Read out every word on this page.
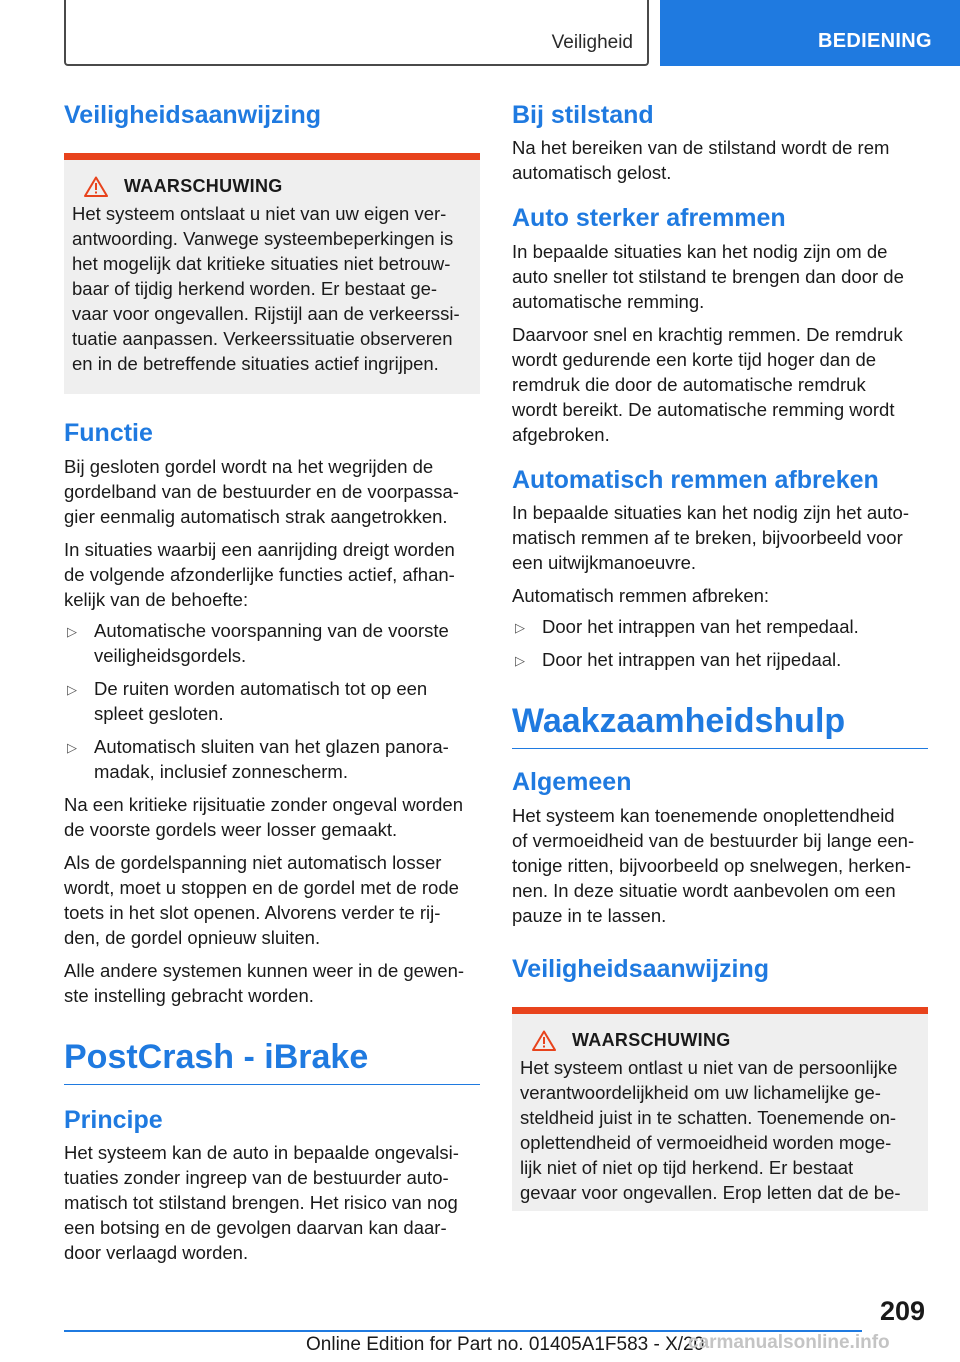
Veiligheid	BEDIENING
Veiligheidsaanwijzing
WAARSCHUWING

Het systeem ontslaat u niet van uw eigen ver-
antwoording. Vanwege systeembeperkingen is
het mogelijk dat kritieke situaties niet betrouw-
baar of tijdig herkend worden. Er bestaat ge-
vaar voor ongevallen. Rijstijl aan de verkeerssi-
tuatie aanpassen. Verkeerssituatie observeren
en in de betreffende situaties actief ingrijpen.

Functie

Bij gesloten gordel wordt na het wegrijden de
gordelband van de bestuurder en de voorpassa-
gier eenmalig automatisch strak aangetrokken.

In situaties waarbij een aanrijding dreigt worden
de volgende afzonderlijke functies actief, afhan-
kelijk van de behoefte:

▷ Automatische voorspanning van de voorste
veiligheidsgordels.
▷ De ruiten worden automatisch tot op een
spleet gesloten.
▷ Automatisch sluiten van het glazen panora-
madak, inclusief zonnescherm.

Na een kritieke rijsituatie zonder ongeval worden
de voorste gordels weer losser gemaakt.

Als de gordelspanning niet automatisch losser
wordt, moet u stoppen en de gordel met de rode
toets in het slot openen. Alvorens verder te rij-
den, de gordel opnieuw sluiten.

Alle andere systemen kunnen weer in de gewen-
ste instelling gebracht worden.

PostCrash - iBrake
Principe

Het systeem kan de auto in bepaalde ongevalsi-
tuaties zonder ingreep van de bestuurder auto-
matisch tot stilstand brengen. Het risico van nog
een botsing en de gevolgen daarvan kan daar-
door verlaagd worden.

Bij stilstand

Na het bereiken van de stilstand wordt de rem
automatisch gelost.

Auto sterker afremmen

In bepaalde situaties kan het nodig zijn om de
auto sneller tot stilstand te brengen dan door de
automatische remming.

Daarvoor snel en krachtig remmen. De remdruk
wordt gedurende een korte tijd hoger dan de
remdruk die door de automatische remdruk
wordt bereikt. De automatische remming wordt
afgebroken.

Automatisch remmen afbreken

In bepaalde situaties kan het nodig zijn het auto-
matisch remmen af te breken, bijvoorbeeld voor
een uitwijkmanoeuvre.

Automatisch remmen afbreken:

▷ Door het intrappen van het rempedaal.
▷ Door het intrappen van het rijpedaal.
Waakzaamheidshulp
Algemeen

Het systeem kan toenemende onoplettendheid
of vermoeidheid van de bestuurder bij lange een-
tonige ritten, bijvoorbeeld op snelwegen, herken-
nen. In deze situatie wordt aanbevolen om een
pauze in te lassen.

Veiligheidsaanwijzing
WAARSCHUWING

Het systeem ontlast u niet van de persoonlijke
verantwoordelijkheid om uw lichamelijke ge-
steldheid juist in te schatten. Toenemende on-
oplettendheid of vermoeidheid worden moge-
lijk niet of niet op tijd herkend. Er bestaat
gevaar voor ongevallen. Erop letten dat de be-

209
Online Edition for Part no. 01405A1F583 - X/20
carmanualsonline.info
